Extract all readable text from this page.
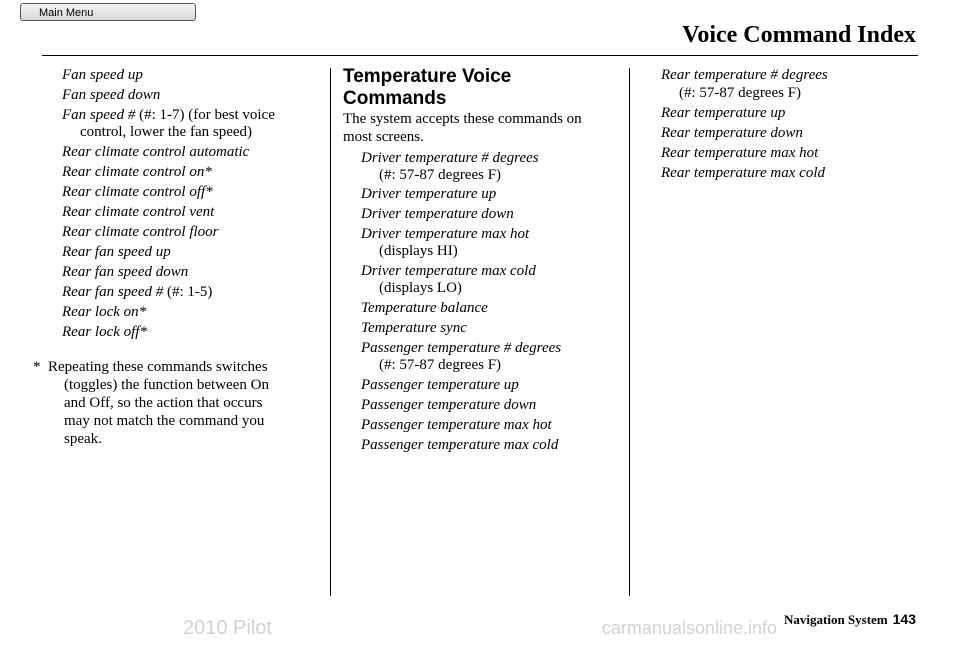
Main Menu
Voice Command Index
Fan speed up
Fan speed down
Fan speed # (#: 1-7) (for best voice
control, lower the fan speed)
Rear climate control automatic
Rear climate control on*
Rear climate control off*
Rear climate control vent
Rear climate control floor
Rear fan speed up
Rear fan speed down
Rear fan speed # (#: 1-5)
Rear lock on*
Rear lock off*
*  Repeating these commands switches
(toggles) the function between On
and Off, so the action that occurs
may not match the command you
speak.
Temperature Voice
Commands
The system accepts these commands on
most screens.
Driver temperature # degrees
(#: 57-87 degrees F)
Driver temperature up
Driver temperature down
Driver temperature max hot
(displays HI)
Driver temperature max cold
(displays LO)
Temperature balance
Temperature sync
Passenger temperature # degrees
(#: 57-87 degrees F)
Passenger temperature up
Passenger temperature down
Passenger temperature max hot
Passenger temperature max cold
Rear temperature # degrees
(#: 57-87 degrees F)
Rear temperature up
Rear temperature down
Rear temperature max hot
Rear temperature max cold
Navigation System 143
2010 Pilot	carmanualsonline.info
